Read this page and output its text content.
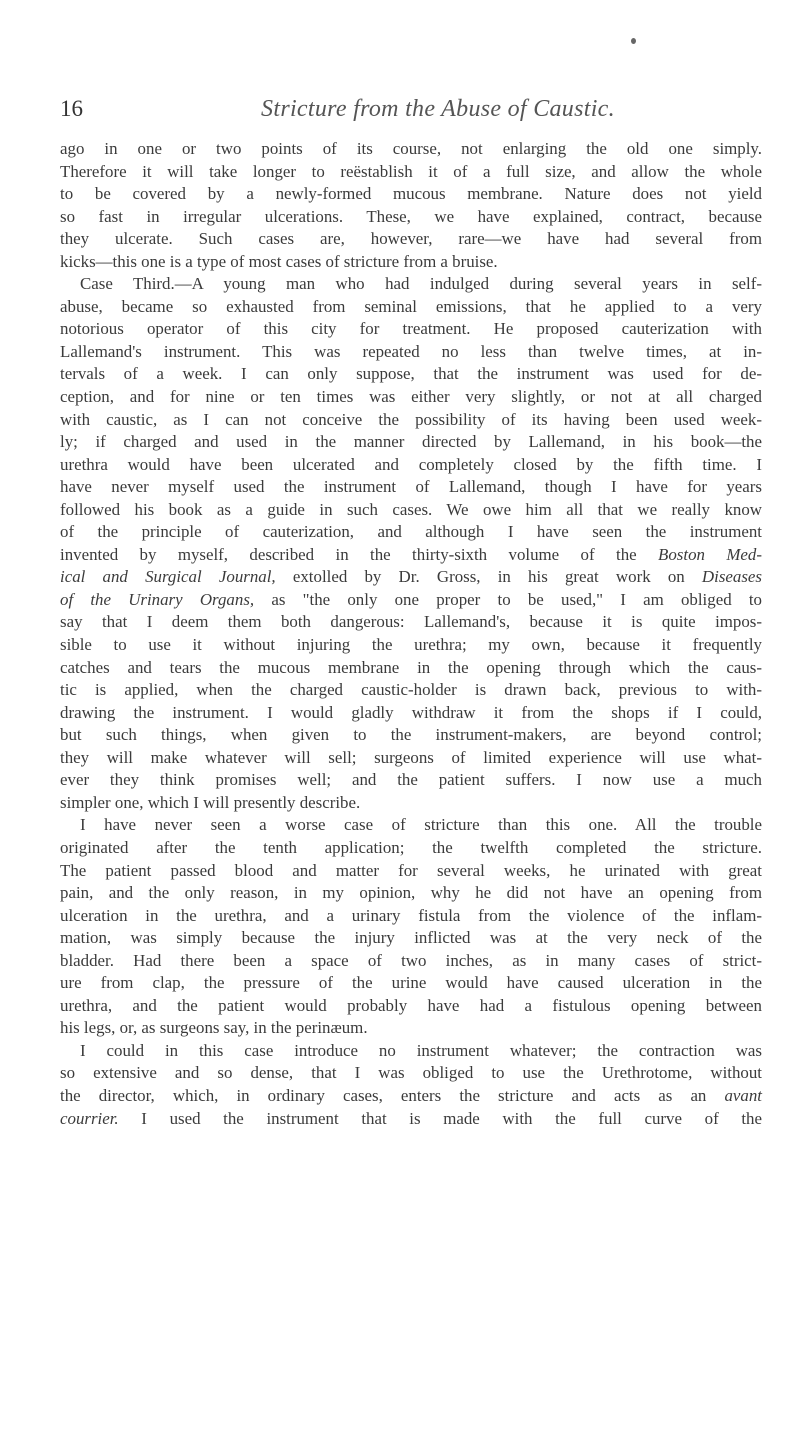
16	Stricture from the Abuse of Caustic.
ago in one or two points of its course, not enlarging the old one simply.
Therefore it will take longer to reëstablish it of a full size, and allow the whole
to be covered by a newly-formed mucous membrane. Nature does not yield
so fast in irregular ulcerations. These, we have explained, contract, because
they ulcerate. Such cases are, however, rare—we have had several from
kicks—this one is a type of most cases of stricture from a bruise.
Case Third.—A young man who had indulged during several years in self-
abuse, became so exhausted from seminal emissions, that he applied to a very
notorious operator of this city for treatment. He proposed cauterization with
Lallemand's instrument. This was repeated no less than twelve times, at in-
tervals of a week. I can only suppose, that the instrument was used for de-
ception, and for nine or ten times was either very slightly, or not at all charged
with caustic, as I can not conceive the possibility of its having been used week-
ly; if charged and used in the manner directed by Lallemand, in his book—the
urethra would have been ulcerated and completely closed by the fifth time. I
have never myself used the instrument of Lallemand, though I have for years
followed his book as a guide in such cases. We owe him all that we really know
of the principle of cauterization, and although I have seen the instrument
invented by myself, described in the thirty-sixth volume of the Boston Med-
ical and Surgical Journal, extolled by Dr. Gross, in his great work on Diseases
of the Urinary Organs, as "the only one proper to be used," I am obliged to
say that I deem them both dangerous: Lallemand's, because it is quite impos-
sible to use it without injuring the urethra; my own, because it frequently
catches and tears the mucous membrane in the opening through which the caus-
tic is applied, when the charged caustic-holder is drawn back, previous to with-
drawing the instrument. I would gladly withdraw it from the shops if I could,
but such things, when given to the instrument-makers, are beyond control;
they will make whatever will sell; surgeons of limited experience will use what-
ever they think promises well; and the patient suffers. I now use a much
simpler one, which I will presently describe.
I have never seen a worse case of stricture than this one. All the trouble
originated after the tenth application; the twelfth completed the stricture.
The patient passed blood and matter for several weeks, he urinated with great
pain, and the only reason, in my opinion, why he did not have an opening from
ulceration in the urethra, and a urinary fistula from the violence of the inflam-
mation, was simply because the injury inflicted was at the very neck of the
bladder. Had there been a space of two inches, as in many cases of strict-
ure from clap, the pressure of the urine would have caused ulceration in the
urethra, and the patient would probably have had a fistulous opening between
his legs, or, as surgeons say, in the perinæum.
I could in this case introduce no instrument whatever; the contraction was
so extensive and so dense, that I was obliged to use the Urethrotome, without
the director, which, in ordinary cases, enters the stricture and acts as an avant
courrier. I used the instrument that is made with the full curve of the
